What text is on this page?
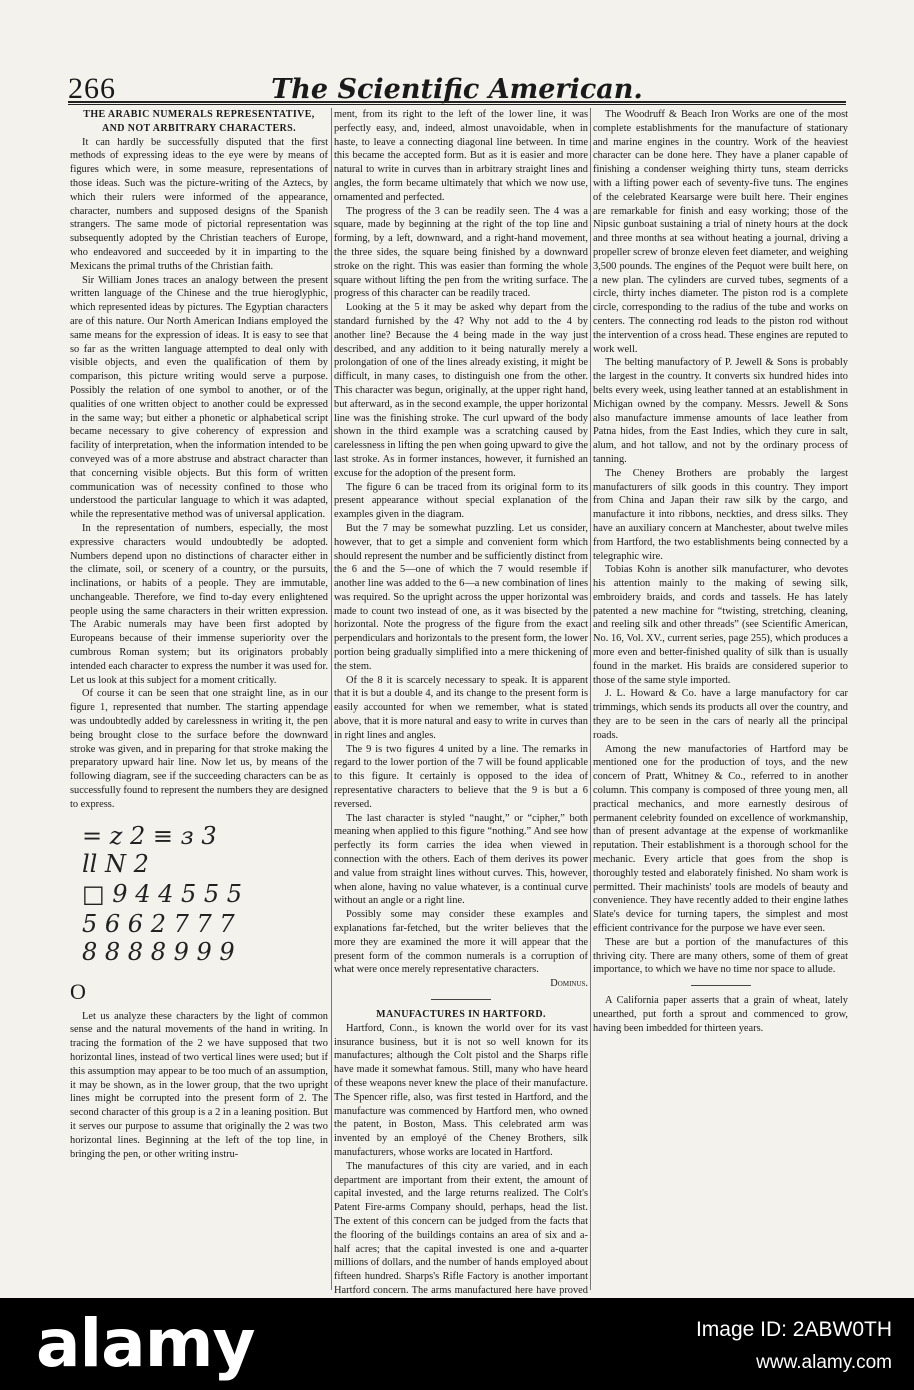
266	The Scientific American.

THE ARABIC NUMERALS REPRESENTATIVE,
AND NOT ARBITRARY CHARACTERS.

It can hardly be successfully disputed that the first methods of expressing ideas to the eye were by means of figures which were, in some measure, representations of those ideas. Such was the picture-writing of the Aztecs, by which their rulers were informed of the appearance, character, numbers and supposed designs of the Spanish strangers. The same mode of pictorial representation was subsequently adopted by the Christian teachers of Europe, who endeavored and succeeded by it in imparting to the Mexicans the primal truths of the Christian faith.

Sir William Jones traces an analogy between the present written language of the Chinese and the true hieroglyphic, which represented ideas by pictures. The Egyptian characters are of this nature. Our North American Indians employed the same means for the expression of ideas. It is easy to see that so far as the written language attempted to deal only with visible objects, and even the qualification of them by comparison, this picture writing would serve a purpose. Possibly the relation of one symbol to another, or of the qualities of one written object to another could be expressed in the same way; but either a phonetic or alphabetical script became necessary to give coherency of expression and facility of interpretation, when the information intended to be conveyed was of a more abstruse and abstract character than that concerning visible objects. But this form of written communication was of necessity confined to those who understood the particular language to which it was adapted, while the representative method was of universal application.

In the representation of numbers, especially, the most expressive characters would undoubtedly be adopted. Numbers depend upon no distinctions of character either in the climate, soil, or scenery of a country, or the pursuits, inclinations, or habits of a people. They are immutable, unchangeable. Therefore, we find to-day every enlightened people using the same characters in their written expression. The Arabic numerals may have been first adopted by Europeans because of their immense superiority over the cumbrous Roman system; but its originators probably intended each character to express the number it was used for. Let us look at this subject for a moment critically.

Of course it can be seen that one straight line, as in our figure 1, represented that number. The starting appendage was undoubtedly added by carelessness in writing it, the pen being brought close to the surface before the downward stroke was given, and in preparing for that stroke making the preparatory upward hair line. Now let us, by means of the following diagram, see if the succeeding characters can be as successfully found to represent the numbers they are designed to express.

= z 2 ≡ з 3
ll N 2
□ 9 4 4 5 5 5
5 6 6 2 7 7 7
8 8 8 8 9 9 9

O

Let us analyze these characters by the light of common sense and the natural movements of the hand in writing. In tracing the formation of the 2 we have supposed that two horizontal lines, instead of two vertical lines were used; but if this assumption may appear to be too much of an assumption, it may be shown, as in the lower group, that the two upright lines might be corrupted into the present form of 2. The second character of this group is a 2 in a leaning position. But it serves our purpose to assume that originally the 2 was two horizontal lines. Beginning at the left of the top line, in bringing the pen, or other writing instru-

ment, from its right to the left of the lower line, it was perfectly easy, and, indeed, almost unavoidable, when in haste, to leave a connecting diagonal line between. In time this became the accepted form. But as it is easier and more natural to write in curves than in arbitrary straight lines and angles, the form became ultimately that which we now use, ornamented and perfected.

The progress of the 3 can be readily seen. The 4 was a square, made by beginning at the right of the top line and forming, by a left, downward, and a right-hand movement, the three sides, the square being finished by a downward stroke on the right. This was easier than forming the whole square without lifting the pen from the writing surface. The progress of this character can be readily traced.

Looking at the 5 it may be asked why depart from the standard furnished by the 4? Why not add to the 4 by another line? Because the 4 being made in the way just described, and any addition to it being naturally merely a prolongation of one of the lines already existing, it might be difficult, in many cases, to distinguish one from the other. This character was begun, originally, at the upper right hand, but afterward, as in the second example, the upper horizontal line was the finishing stroke. The curl upward of the body shown in the third example was a scratching caused by carelessness in lifting the pen when going upward to give the last stroke. As in former instances, however, it furnished an excuse for the adoption of the present form.

The figure 6 can be traced from its original form to its present appearance without special explanation of the examples given in the diagram.

But the 7 may be somewhat puzzling. Let us consider, however, that to get a simple and convenient form which should represent the number and be sufficiently distinct from the 6 and the 5—one of which the 7 would resemble if another line was added to the 6—a new combination of lines was required. So the upright across the upper horizontal was made to count two instead of one, as it was bisected by the horizontal. Note the progress of the figure from the exact perpendiculars and horizontals to the present form, the lower portion being gradually simplified into a mere thickening of the stem.

Of the 8 it is scarcely necessary to speak. It is apparent that it is but a double 4, and its change to the present form is easily accounted for when we remember, what is stated above, that it is more natural and easy to write in curves than in right lines and angles.

The 9 is two figures 4 united by a line. The remarks in regard to the lower portion of the 7 will be found applicable to this figure. It certainly is opposed to the idea of representative characters to believe that the 9 is but a 6 reversed.

The last character is styled “naught,” or “cipher,” both meaning when applied to this figure “nothing.” And see how perfectly its form carries the idea when viewed in connection with the others. Each of them derives its power and value from straight lines without curves. This, however, when alone, having no value whatever, is a continual curve without an angle or a right line.

Possibly some may consider these examples and explanations far-fetched, but the writer believes that the more they are examined the more it will appear that the present form of the common numerals is a corruption of what were once merely representative characters.

Dominus.

MANUFACTURES IN HARTFORD.

Hartford, Conn., is known the world over for its vast insurance business, but it is not so well known for its manufactures; although the Colt pistol and the Sharps rifle have made it somewhat famous. Still, many who have heard of these weapons never knew the place of their manufacture. The Spencer rifle, also, was first tested in Hartford, and the manufacture was commenced by Hartford men, who owned the patent, in Boston, Mass. This celebrated arm was invented by an employé of the Cheney Brothers, silk manufacturers, whose works are located in Hartford.

The manufactures of this city are varied, and in each department are important from their extent, the amount of capital invested, and the large returns realized. The Colt's Patent Fire-arms Company should, perhaps, head the list. The extent of this concern can be judged from the facts that the flooring of the buildings contains an area of six and a-half acres; that the capital invested is one and a-quarter millions of dollars, and the number of hands employed about fifteen hundred. Sharps's Rifle Factory is another important Hartford concern. The arms manufactured here have proved

The Woodruff & Beach Iron Works are one of the most complete establishments for the manufacture of stationary and marine engines in the country. Work of the heaviest character can be done here. They have a planer capable of finishing a condenser weighing thirty tuns, steam derricks with a lifting power each of seventy-five tuns. The engines of the celebrated Kearsarge were built here. Their engines are remarkable for finish and easy working; those of the Nipsic gunboat sustaining a trial of ninety hours at the dock and three months at sea without heating a journal, driving a propeller screw of bronze eleven feet diameter, and weighing 3,500 pounds. The engines of the Pequot were built here, on a new plan. The cylinders are curved tubes, segments of a circle, thirty inches diameter. The piston rod is a complete circle, corresponding to the radius of the tube and works on centers. The connecting rod leads to the piston rod without the intervention of a cross head. These engines are reputed to work well.

The belting manufactory of P. Jewell & Sons is probably the largest in the country. It converts six hundred hides into belts every week, using leather tanned at an establishment in Michigan owned by the company. Messrs. Jewell & Sons also manufacture immense amounts of lace leather from Patna hides, from the East Indies, which they cure in salt, alum, and hot tallow, and not by the ordinary process of tanning.

The Cheney Brothers are probably the largest manufacturers of silk goods in this country. They import from China and Japan their raw silk by the cargo, and manufacture it into ribbons, neckties, and dress silks. They have an auxiliary concern at Manchester, about twelve miles from Hartford, the two establishments being connected by a telegraphic wire.

Tobias Kohn is another silk manufacturer, who devotes his attention mainly to the making of sewing silk, embroidery braids, and cords and tassels. He has lately patented a new machine for “twisting, stretching, cleaning, and reeling silk and other threads” (see Scientific American, No. 16, Vol. XV., current series, page 255), which produces a more even and better-finished quality of silk than is usually found in the market. His braids are considered superior to those of the same style imported.

J. L. Howard & Co. have a large manufactory for car trimmings, which sends its products all over the country, and they are to be seen in the cars of nearly all the principal roads.

Among the new manufactories of Hartford may be mentioned one for the production of toys, and the new concern of Pratt, Whitney & Co., referred to in another column. This company is composed of three young men, all practical mechanics, and more earnestly desirous of permanent celebrity founded on excellence of workmanship, than of present advantage at the expense of workmanlike reputation. Their establishment is a thorough school for the mechanic. Every article that goes from the shop is thoroughly tested and elaborately finished. No sham work is permitted. Their machinists' tools are models of beauty and convenience. They have recently added to their engine lathes Slate's device for turning tapers, the simplest and most efficient contrivance for the purpose we have ever seen.

These are but a portion of the manufactures of this thriving city. There are many others, some of them of great importance, to which we have no time nor space to allude.

A California paper asserts that a grain of wheat, lately unearthed, put forth a sprout and commenced to grow, having been imbedded for thirteen years.

alamy	Image ID: 2ABW0TH
www.alamy.com
